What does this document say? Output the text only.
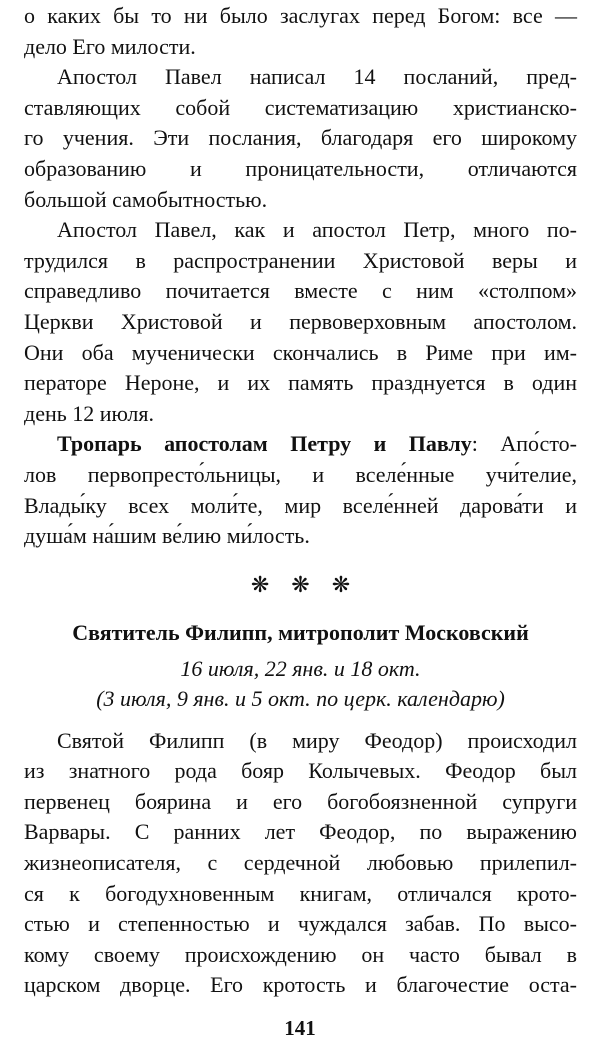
о каких бы то ни было заслугах перед Богом: все —
дело Его милости.
Апостол Павел написал 14 посланий, пред-
ставляющих собой систематизацию христианско-
го учения. Эти послания, благодаря его широкому
образованию и проницательности, отличаются
большой самобытностью.
Апостол Павел, как и апостол Петр, много по-
трудился в распространении Христовой веры и
справедливо почитается вместе с ним «столпом»
Церкви Христовой и первоверховным апостолом.
Они оба мученически скончались в Риме при им-
ператоре Нероне, и их память празднуется в один
день 12 июля.
Тропарь апостолам Петру и Павлу: Апо́сто-
лов первопресто́льницы, и вселе́нные учи́телие,
Влады́ку всех моли́те, мир вселе́нней дарова́ти и
душа́м на́шим ве́лию ми́лость.
❋❋❋
Святитель Филипп, митрополит Московский
16 июля, 22 янв. и 18 окт.
(3 июля, 9 янв. и 5 окт. по церк. календарю)
Святой Филипп (в миру Феодор) происходил
из знатного рода бояр Колычевых. Феодор был
первенец боярина и его богобоязненной супруги
Варвары. С ранних лет Феодор, по выражению
жизнеописателя, с сердечной любовью прилепил-
ся к богодухновенным книгам, отличался крото-
стью и степенностью и чуждался забав. По высо-
кому своему происхождению он часто бывал в
царском дворце. Его кротость и благочестие оста-
141
